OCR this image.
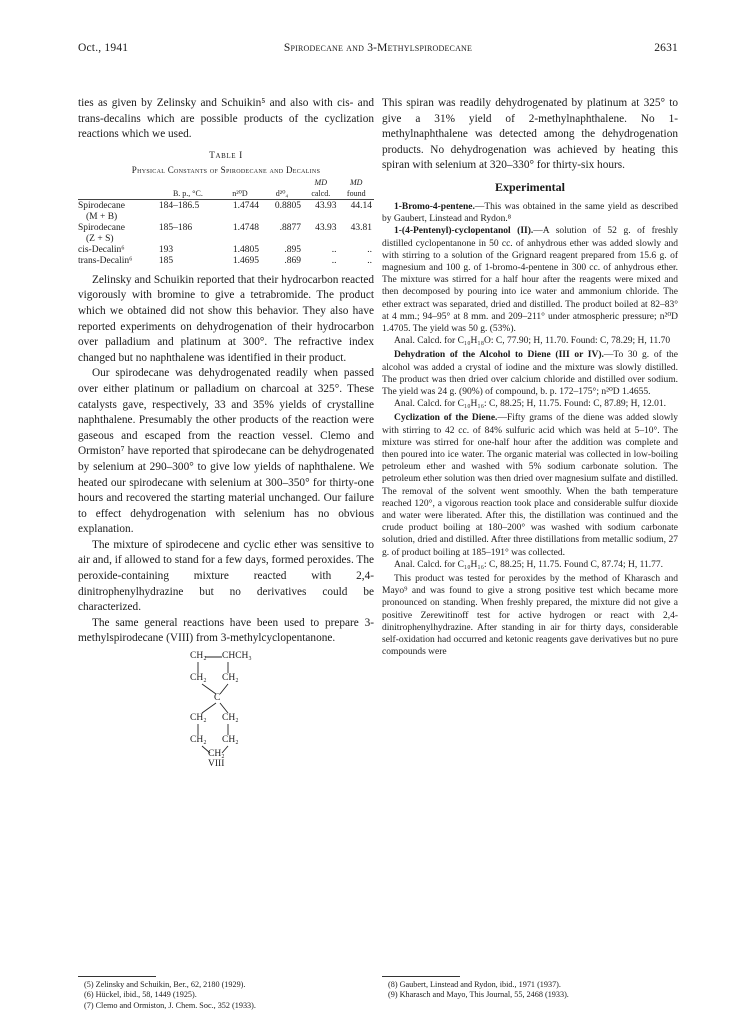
Oct., 1941	Spirodecane and 3-Methylspirodecane	2631

ties as given by Zelinsky and Schuikin⁵ and also with cis- and trans-decalins which are possible products of the cyclization reactions which we used.

Table I
Physical Constants of Spirodecane and Decalins
				MD	MD
	B. p., °C.	n²⁰D	d²⁰₄	calcd.	found

Spirodecane	184–186.5	1.4744	0.8805	43.93	44.14
(M + B)					
Spirodecane	185–186	1.4748	.8877	43.93	43.81
(Z + S)					
cis-Decalin⁶	193	1.4805	.895	..	..
trans-Decalin⁶	185	1.4695	.869	..	..

Zelinsky and Schuikin reported that their hydrocarbon reacted vigorously with bromine to give a tetrabromide. The product which we obtained did not show this behavior. They also have reported experiments on dehydrogenation of their hydrocarbon over palladium and platinum at 300°. The refractive index changed but no naphthalene was identified in their product.

Our spirodecane was dehydrogenated readily when passed over either platinum or palladium on charcoal at 325°. These catalysts gave, respectively, 33 and 35% yields of crystalline naphthalene. Presumably the other products of the reaction were gaseous and escaped from the reaction vessel. Clemo and Ormiston⁷ have reported that spirodecane can be dehydrogenated by selenium at 290–300° to give low yields of naphthalene. We heated our spirodecane with selenium at 300–350° for thirty-one hours and recovered the starting material unchanged. Our failure to effect dehydrogenation with selenium has no obvious explanation.

The mixture of spirodecene and cyclic ether was sensitive to air and, if allowed to stand for a few days, formed peroxides. The peroxide-containing mixture reacted with 2,4-dinitrophenylhydrazine but no derivatives could be characterized.

The same general reactions have been used to prepare 3-methylspirodecane (VIII) from 3-methylcyclopentanone.

CH₂ CHCH₃
CH₂ CH₂
C
CH₂ CH₂
CH₂ CH₂
CH₂
VIII

This spiran was readily dehydrogenated by platinum at 325° to give a 31% yield of 2-methylnaphthalene. No 1-methylnaphthalene was detected among the dehydrogenation products. No dehydrogenation was achieved by heating this spiran with selenium at 320–330° for thirty-six hours.

Experimental

1-Bromo-4-pentene.—This was obtained in the same yield as described by Gaubert, Linstead and Rydon.⁸

1-(4-Pentenyl)-cyclopentanol (II).—A solution of 52 g. of freshly distilled cyclopentanone in 50 cc. of anhydrous ether was added slowly and with stirring to a solution of the Grignard reagent prepared from 15.6 g. of magnesium and 100 g. of 1-bromo-4-pentene in 300 cc. of anhydrous ether. The mixture was stirred for a half hour after the reagents were mixed and then decomposed by pouring into ice water and ammonium chloride. The ether extract was separated, dried and distilled. The product boiled at 82–83° at 4 mm.; 94–95° at 8 mm. and 209–211° under atmospheric pressure; n²⁰D 1.4705. The yield was 50 g. (53%).

Anal. Calcd. for C₁₀H₁₈O: C, 77.90; H, 11.70. Found: C, 78.29; H, 11.70

Dehydration of the Alcohol to Diene (III or IV).—To 30 g. of the alcohol was added a crystal of iodine and the mixture was slowly distilled. The product was then dried over calcium chloride and distilled over sodium. The yield was 24 g. (90%) of compound, b. p. 172–175°; n²⁰D 1.4655.

Anal. Calcd. for C₁₀H₁₆: C, 88.25; H, 11.75. Found: C, 87.89; H, 12.01.

Cyclization of the Diene.—Fifty grams of the diene was added slowly with stirring to 42 cc. of 84% sulfuric acid which was held at 5–10°. The mixture was stirred for one-half hour after the addition was complete and then poured into ice water. The organic material was collected in low-boiling petroleum ether and washed with 5% sodium carbonate solution. The petroleum ether solution was then dried over magnesium sulfate and distilled. The removal of the solvent went smoothly. When the bath temperature reached 120°, a vigorous reaction took place and considerable sulfur dioxide and water were liberated. After this, the distillation was continued and the crude product boiling at 180–200° was washed with sodium carbonate solution, dried and distilled. After three distillations from metallic sodium, 27 g. of product boiling at 185–191° was collected.

Anal. Calcd. for C₁₀H₁₆: C, 88.25; H, 11.75. Found C, 87.74; H, 11.77.

This product was tested for peroxides by the method of Kharasch and Mayo⁹ and was found to give a strong positive test which became more pronounced on standing. When freshly prepared, the mixture did not give a positive Zerewitinoff test for active hydrogen or react with 2,4-dinitrophenylhydrazine. After standing in air for thirty days, considerable self-oxidation had occurred and ketonic reagents gave derivatives but no pure compounds were

(5) Zelinsky and Schuikin, Ber., 62, 2180 (1929).
(6) Hückel, ibid., 58, 1449 (1925).
(7) Clemo and Ormiston, J. Chem. Soc., 352 (1933).
(8) Gaubert, Linstead and Rydon, ibid., 1971 (1937).
(9) Kharasch and Mayo, This Journal, 55, 2468 (1933).
